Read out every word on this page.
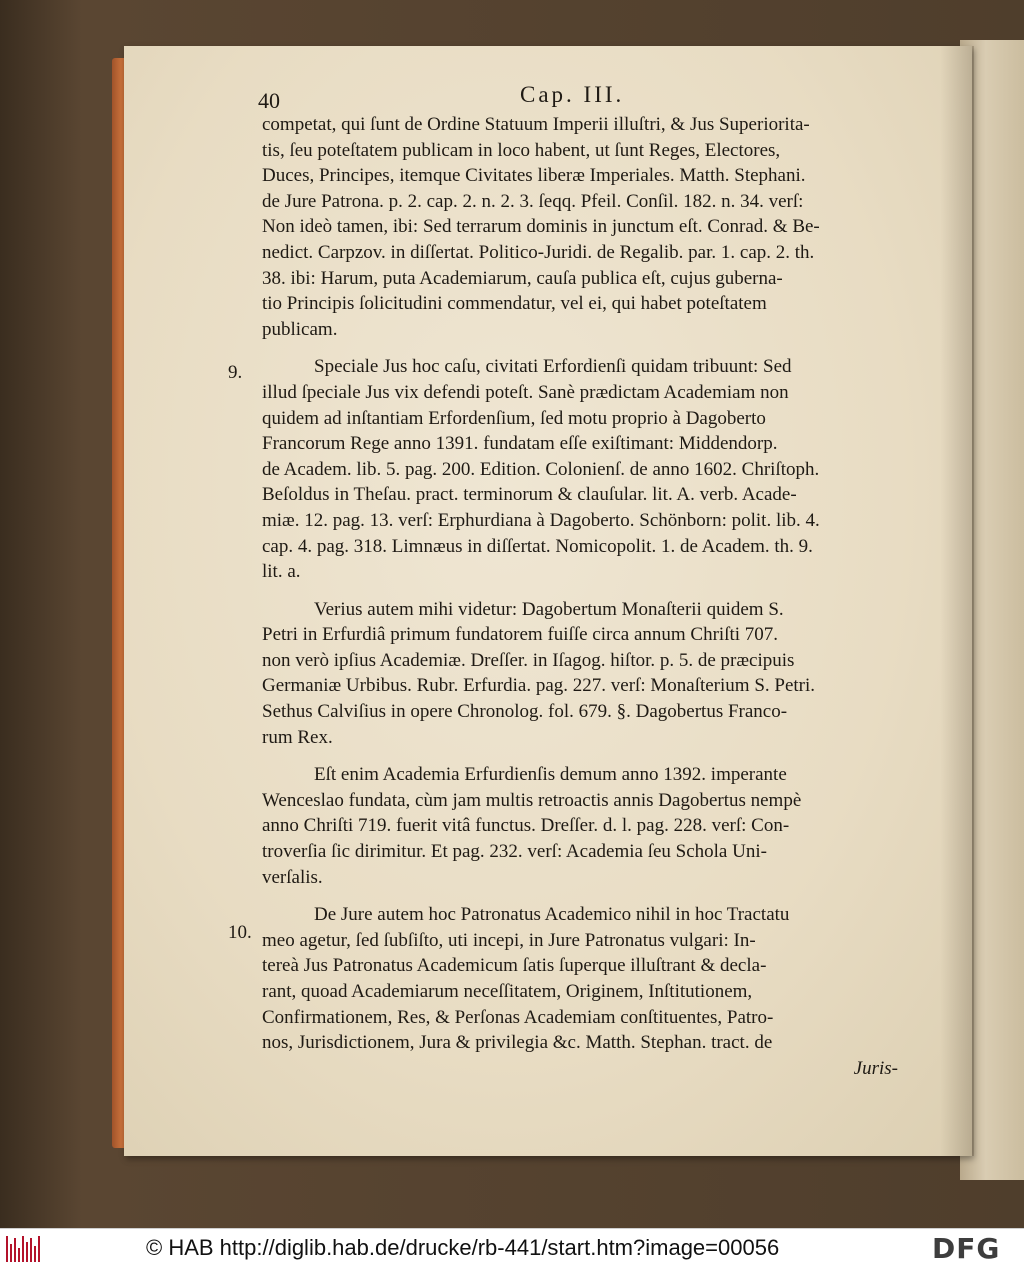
40	Cap. III.

competat, qui ſunt de Ordine Statuum Imperii illuſtri, & Jus Superiorita-
tis, ſeu poteſtatem publicam in loco habent, ut ſunt Reges, Electores,
Duces, Principes, itemque Civitates liberæ Imperiales. Matth. Stephani.
de Jure Patrona. p. 2. cap. 2. n. 2. 3. ſeqq. Pfeil. Conſil. 182. n. 34. verſ:
Non ideò tamen, ibi: Sed terrarum dominis in junctum eſt. Conrad. & Be-
nedict. Carpzov. in diſſertat. Politico-Juridi. de Regalib. par. 1. cap. 2. th.
38. ibi: Harum, puta Academiarum, cauſa publica eſt, cujus guberna-
tio Principis ſolicitudini commendatur, vel ei, qui habet poteſtatem
publicam.

9.	Speciale Jus hoc caſu, civitati Erfordienſi quidam tribuunt: Sed
illud ſpeciale Jus vix defendi poteſt. Sanè prædictam Academiam non
quidem ad inſtantiam Erfordenſium, ſed motu proprio à Dagoberto
Francorum Rege anno 1391. fundatam eſſe exiſtimant: Middendorp.
de Academ. lib. 5. pag. 200. Edition. Colonienſ. de anno 1602. Chriſtoph.
Beſoldus in Theſau. pract. terminorum & clauſular. lit. A. verb. Acade-
miæ. 12. pag. 13. verſ: Erphurdiana à Dagoberto. Schönborn: polit. lib. 4.
cap. 4. pag. 318. Limnæus in diſſertat. Nomicopolit. 1. de Academ. th. 9.
lit. a.

Verius autem mihi videtur: Dagobertum Monaſterii quidem S.
Petri in Erfurdiâ primum fundatorem fuiſſe circa annum Chriſti 707.
non verò ipſius Academiæ. Dreſſer. in Iſagog. hiſtor. p. 5. de præcipuis
Germaniæ Urbibus. Rubr. Erfurdia. pag. 227. verſ: Monaſterium S. Petri.
Sethus Calviſius in opere Chronolog. fol. 679. §. Dagobertus Franco-
rum Rex.

Eſt enim Academia Erfurdienſis demum anno 1392. imperante
Wenceslao fundata, cùm jam multis retroactis annis Dagobertus nempè
anno Chriſti 719. fuerit vitâ functus. Dreſſer. d. l. pag. 228. verſ: Con-
troverſia ſic dirimitur. Et pag. 232. verſ: Academia ſeu Schola Uni-
verſalis.

10.
De Jure autem hoc Patronatus Academico nihil in hoc Tractatu
meo agetur, ſed ſubſiſto, uti incepi, in Jure Patronatus vulgari: In-
tereà Jus Patronatus Academicum ſatis ſuperque illuſtrant & decla-
rant, quoad Academiarum neceſſitatem, Originem, Inſtitutionem,
Confirmationem, Res, & Perſonas Academiam conſtituentes, Patro-
nos, Jurisdictionem, Jura & privilegia &c. Matth. Stephan. tract. de

Juris-
© HAB http://diglib.hab.de/drucke/rb-441/start.htm?image=00056	DFG
